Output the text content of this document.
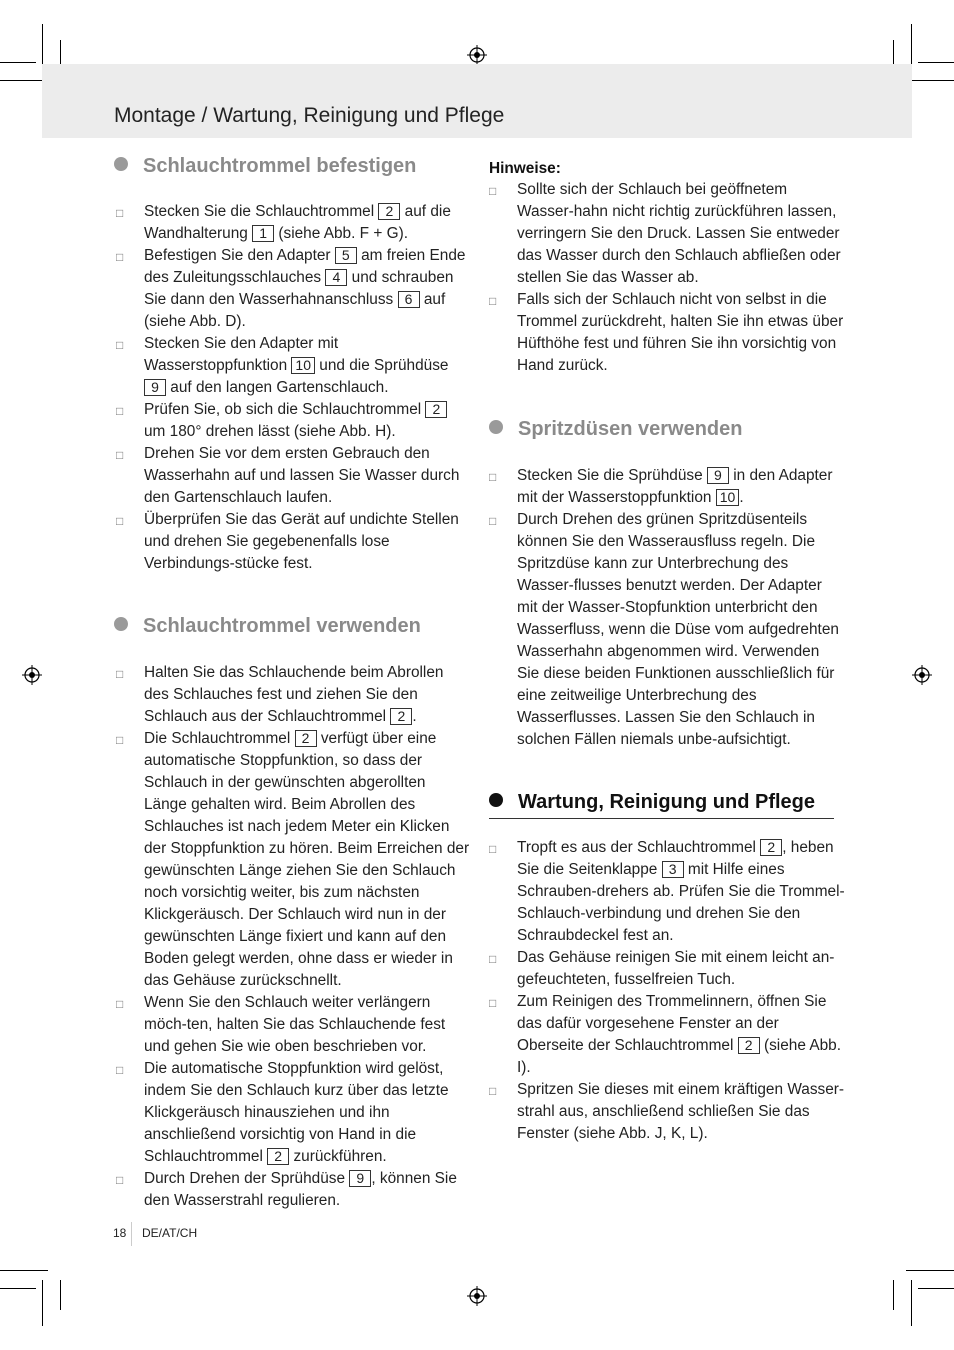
Montage / Wartung, Reinigung und Pflege
Schlauchtrommel befestigen
□ Stecken Sie die Schlauchtrommel 2 auf die Wandhalterung 1 (siehe Abb. F + G).
□ Befestigen Sie den Adapter 5 am freien Ende des Zuleitungsschlauches 4 und schrauben Sie dann den Wasserhahnanschluss 6 auf (siehe Abb. D).
□ Stecken Sie den Adapter mit Wasserstoppfunktion 10 und die Sprühdüse 9 auf den langen Gartenschlauch.
□ Prüfen Sie, ob sich die Schlauchtrommel 2 um 180° drehen lässt (siehe Abb. H).
□ Drehen Sie vor dem ersten Gebrauch den Wasserhahn auf und lassen Sie Wasser durch den Gartenschlauch laufen.
□ Überprüfen Sie das Gerät auf undichte Stellen und drehen Sie gegebenenfalls lose Verbindungs-stücke fest.
Schlauchtrommel verwenden
□ Halten Sie das Schlauchende beim Abrollen des Schlauches fest und ziehen Sie den Schlauch aus der Schlauchtrommel 2 .
□ Die Schlauchtrommel 2 verfügt über eine automatische Stoppfunktion, so dass der Schlauch in der gewünschten abgerollten Länge gehalten wird. Beim Abrollen des Schlauches ist nach jedem Meter ein Klicken der Stoppfunktion zu hören. Beim Erreichen der gewünschten Länge ziehen Sie den Schlauch noch vorsichtig weiter, bis zum nächsten Klickgeräusch. Der Schlauch wird nun in der gewünschten Länge fixiert und kann auf den Boden gelegt werden, ohne dass er wieder in das Gehäuse zurückschnellt.
□ Wenn Sie den Schlauch weiter verlängern möch-ten, halten Sie das Schlauchende fest und gehen Sie wie oben beschrieben vor.
□ Die automatische Stoppfunktion wird gelöst, indem Sie den Schlauch kurz über das letzte Klickgeräusch hinausziehen und ihn anschließend vorsichtig von Hand in die Schlauchtrommel 2 zurückführen.
□ Durch Drehen der Sprühdüse 9 , können Sie den Wasserstrahl regulieren.
Hinweise:
□ Sollte sich der Schlauch bei geöffnetem Wasser-hahn nicht richtig zurückführen lassen, verringern Sie den Druck. Lassen Sie entweder das Wasser durch den Schlauch abfließen oder stellen Sie das Wasser ab.
□ Falls sich der Schlauch nicht von selbst in die Trommel zurückdreht, halten Sie ihn etwas über Hüfthöhe fest und führen Sie ihn vorsichtig von Hand zurück.
Spritzdüsen verwenden
□ Stecken Sie die Sprühdüse 9 in den Adapter mit der Wasserstoppfunktion 10 .
□ Durch Drehen des grünen Spritzdüsenteils können Sie den Wasserausfluss regeln. Die Spritzdüse kann zur Unterbrechung des Wasser-flusses benutzt werden. Der Adapter mit der Wasser-Stopfunktion unterbricht den Wasserfluss, wenn die Düse vom aufgedrehten Wasserhahn abgenommen wird. Verwenden Sie diese beiden Funktionen ausschließlich für eine zeitweilige Unterbrechung des Wasserflusses. Lassen Sie den Schlauch in solchen Fällen niemals unbe-aufsichtigt.
Wartung, Reinigung und Pflege
□ Tropft es aus der Schlauchtrommel 2 , heben Sie die Seitenklappe 3 mit Hilfe eines Schrauben-drehers ab. Prüfen Sie die Trommel-Schlauch-verbindung und drehen Sie den Schraubdeckel fest an.
□ Das Gehäuse reinigen Sie mit einem leicht an-gefeuchteten, fusselfreien Tuch.
□ Zum Reinigen des Trommelinnern, öffnen Sie das dafür vorgesehene Fenster an der Oberseite der Schlauchtrommel 2 (siehe Abb. I).
□ Spritzen Sie dieses mit einem kräftigen Wasser-strahl aus, anschließend schließen Sie das Fenster (siehe Abb. J, K, L).
18 DE/AT/CH
